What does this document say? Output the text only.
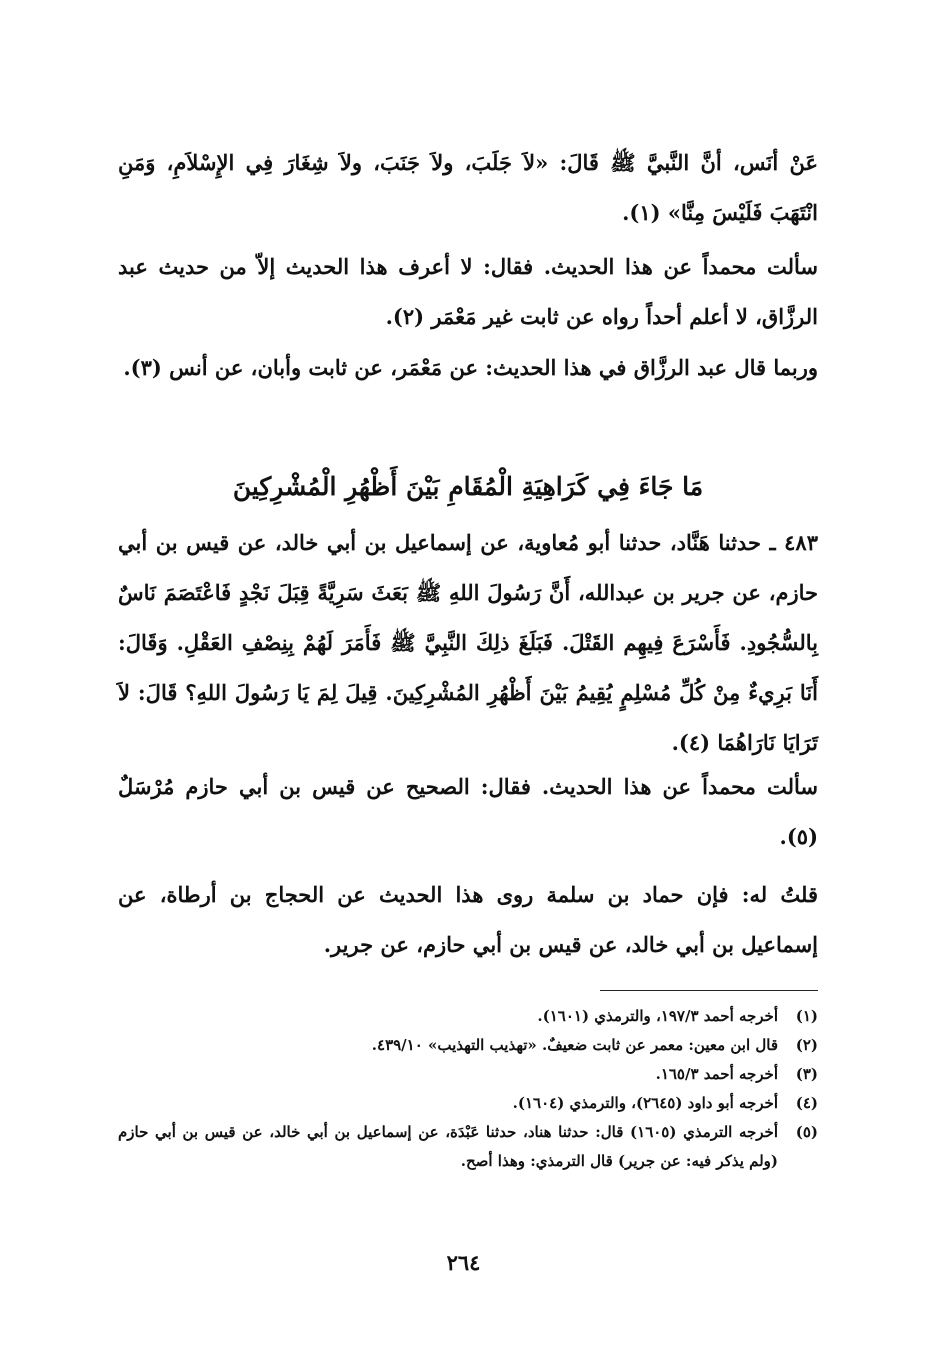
عَنْ أنَس، أنَّ النَّبيَّ ﷺ قَالَ: «لاَ جَلَبَ، ولاَ جَنَبَ، ولاَ شِغَارَ فِي الإِسْلاَمِ، وَمَنِ انْتَهَبَ فَلَيْسَ مِنَّا» (١).

سألت محمداً عن هذا الحديث. فقال: لا أعرف هذا الحديث إلاّ من حديث عبد الرزَّاق، لا أعلم أحداً رواه عن ثابت غير مَعْمَر (٢).

وربما قال عبد الرزَّاق في هذا الحديث: عن مَعْمَر، عن ثابت وأبان، عن أنس (٣).

مَا جَاءَ فِي كَرَاهِيَةِ الْمُقَامِ بَيْنَ أَظْهُرِ الْمُشْرِكِينَ

٤٨٣ ـ حدثنا هَنَّاد، حدثنا أبو مُعاوية، عن إسماعيل بن أبي خالد، عن قيس بن أبي حازم، عن جرير بن عبدالله، أَنَّ رَسُولَ اللهِ ﷺ بَعَثَ سَرِيَّةً قِبَلَ نَجْدٍ فَاعْتَصَمَ نَاسٌ بِالسُّجُودِ. فَأَسْرَعَ فِيهِم القَتْلَ. فَبَلَغَ ذلِكَ النَّبِيَّ ﷺ فَأَمَرَ لَهُمْ بِنِصْفِ العَقْلِ. وَقَالَ: أَنَا بَرِيءٌ مِنْ كُلِّ مُسْلِمٍ يُقِيمُ بَيْنَ أَظْهُرِ المُشْرِكِينَ. قِيلَ لِمَ يَا رَسُولَ اللهِ؟ قَالَ: لاَ تَرَايَا نَارَاهُمَا (٤).

سألت محمداً عن هذا الحديث. فقال: الصحيح عن قيس بن أبي حازم مُرْسَلٌ (٥).

قلتُ له: فإن حماد بن سلمة روى هذا الحديث عن الحجاج بن أرطاة، عن إسماعيل بن أبي خالد، عن قيس بن أبي حازم، عن جرير.

(١)
أخرجه أحمد ١٩٧/٣، والترمذي (١٦٠١).
(٢)
قال ابن معين: معمر عن ثابت ضعيفٌ. «تهذيب التهذيب» ٤٣٩/١٠.
(٣)
أخرجه أحمد ١٦٥/٣.
(٤)
أخرجه أبو داود (٢٦٤٥)، والترمذي (١٦٠٤).
(٥)
أخرجه الترمذي (١٦٠٥) قال: حدثنا هناد، حدثنا عَبْدَة، عن إسماعيل بن أبي خالد، عن قيس بن أبي حازم (ولم يذكر فيه: عن جرير) قال الترمذي: وهذا أصح.
٢٦٤
